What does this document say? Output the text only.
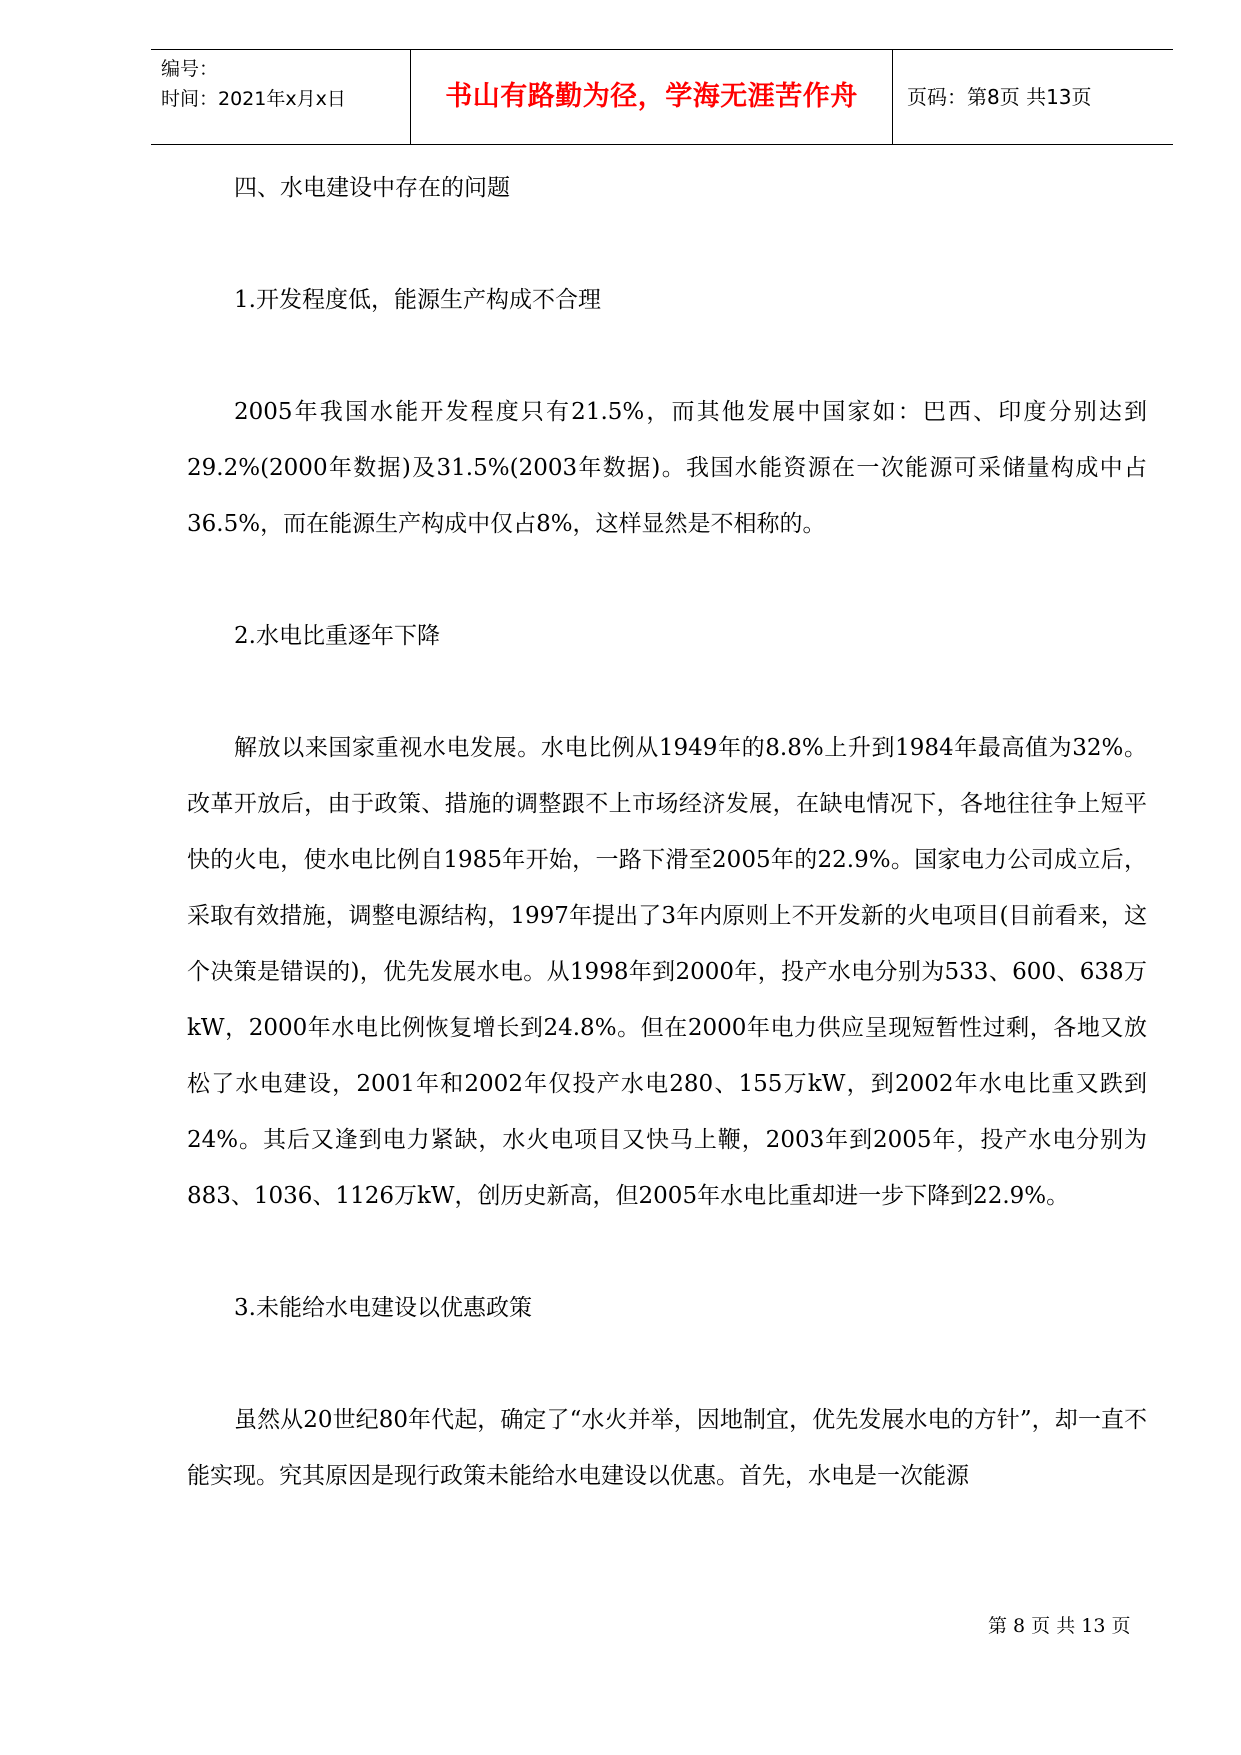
编号：
时间：2021年x月x日	书山有路勤为径，学海无涯苦作舟	页码：第8页 共13页

四、水电建设中存在的问题

1.开发程度低，能源生产构成不合理

2005年我国水能开发程度只有21.5%，而其他发展中国家如：巴西、印度分别达到29.2%(2000年数据)及31.5%(2003年数据)。我国水能资源在一次能源可采储量构成中占36.5%，而在能源生产构成中仅占8%，这样显然是不相称的。

2.水电比重逐年下降

解放以来国家重视水电发展。水电比例从1949年的8.8%上升到1984年最高值为32%。改革开放后，由于政策、措施的调整跟不上市场经济发展，在缺电情况下，各地往往争上短平快的火电，使水电比例自1985年开始，一路下滑至2005年的22.9%。国家电力公司成立后，采取有效措施，调整电源结构，1997年提出了3年内原则上不开发新的火电项目(目前看来，这个决策是错误的)，优先发展水电。从1998年到2000年，投产水电分别为533、600、638万kW，2000年水电比例恢复增长到24.8%。但在2000年电力供应呈现短暂性过剩，各地又放松了水电建设，2001年和2002年仅投产水电280、155万kW，到2002年水电比重又跌到24%。其后又逢到电力紧缺，水火电项目又快马上鞭，2003年到2005年，投产水电分别为883、1036、1126万kW，创历史新高，但2005年水电比重却进一步下降到22.9%。

3.未能给水电建设以优惠政策

虽然从20世纪80年代起，确定了“水火并举，因地制宜，优先发展水电的方针”，却一直不能实现。究其原因是现行政策未能给水电建设以优惠。首先，水电是一次能源

第 8 页 共 13 页
